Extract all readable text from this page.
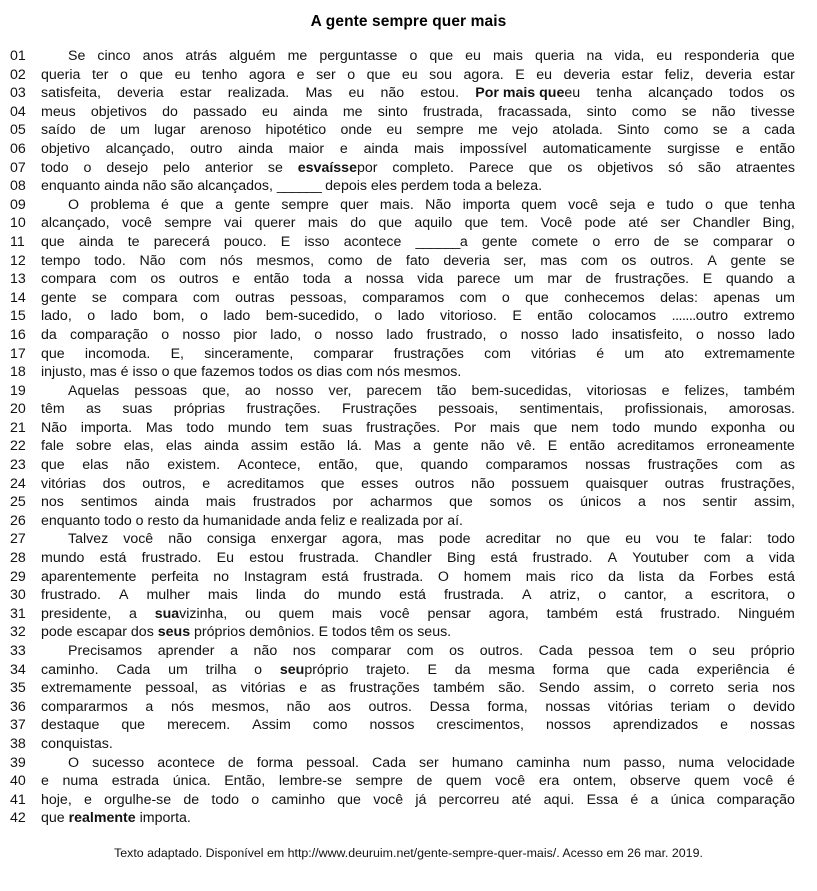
A gente sempre quer mais
01	Se cinco anos atrás alguém me perguntasse o que eu mais queria na vida, eu responderia que
02	queria ter o que eu tenho agora e ser o que eu sou agora. E eu deveria estar feliz, deveria estar
03	satisfeita, deveria estar realizada. Mas eu não estou. Por mais queeu tenha alcançado todos os
04	meus objetivos do passado eu ainda me sinto frustrada, fracassada, sinto como se não tivesse
05	saído de um lugar arenoso hipotético onde eu sempre me vejo atolada. Sinto como se a cada
06	objetivo alcançado, outro ainda maior e ainda mais impossível automaticamente surgisse e então
07	todo o desejo pelo anterior se esvaíssepor completo. Parece que os objetivos só são atraentes
08	enquanto ainda não são alcançados, ______ depois eles perdem toda a beleza.
09	O problema é que a gente sempre quer mais. Não importa quem você seja e tudo o que tenha
10	alcançado, você sempre vai querer mais do que aquilo que tem. Você pode até ser Chandler Bing,
11	que ainda te parecerá pouco. E isso acontece ______a gente comete o erro de se comparar o
12	tempo todo. Não com nós mesmos, como de fato deveria ser, mas com os outros. A gente se
13	compara com os outros e então toda a nossa vida parece um mar de frustrações. E quando a
14	gente se compara com outras pessoas, comparamos com o que conhecemos delas: apenas um
15	lado, o lado bom, o lado bem-sucedido, o lado vitorioso. E então colocamos .......outro extremo
16	da comparação o nosso pior lado, o nosso lado frustrado, o nosso lado insatisfeito, o nosso lado
17	que incomoda. E, sinceramente, comparar frustrações com vitórias é um ato extremamente
18	injusto, mas é isso o que fazemos todos os dias com nós mesmos.
19	Aquelas pessoas que, ao nosso ver, parecem tão bem-sucedidas, vitoriosas e felizes, também
20	têm as suas próprias frustrações. Frustrações pessoais, sentimentais, profissionais, amorosas.
21	Não importa. Mas todo mundo tem suas frustrações. Por mais que nem todo mundo exponha ou
22	fale sobre elas, elas ainda assim estão lá. Mas a gente não vê. E então acreditamos erroneamente
23	que elas não existem. Acontece, então, que, quando comparamos nossas frustrações com as
24	vitórias dos outros, e acreditamos que esses outros não possuem quaisquer outras frustrações,
25	nos sentimos ainda mais frustrados por acharmos que somos os únicos a nos sentir assim,
26	enquanto todo o resto da humanidade anda feliz e realizada por aí.
27	Talvez você não consiga enxergar agora, mas pode acreditar no que eu vou te falar: todo
28	mundo está frustrado. Eu estou frustrada. Chandler Bing está frustrado. A Youtuber com a vida
29	aparentemente perfeita no Instagram está frustrada. O homem mais rico da lista da Forbes está
30	frustrado. A mulher mais linda do mundo está frustrada. A atriz, o cantor, a escritora, o
31	presidente, a suavizinha, ou quem mais você pensar agora, também está frustrado. Ninguém
32	pode escapar dos seus próprios demônios. E todos têm os seus.
33	Precisamos aprender a não nos comparar com os outros. Cada pessoa tem o seu próprio
34	caminho. Cada um trilha o seupróprio trajeto. E da mesma forma que cada experiência é
35	extremamente pessoal, as vitórias e as frustrações também são. Sendo assim, o correto seria nos
36	compararmos a nós mesmos, não aos outros. Dessa forma, nossas vitórias teriam o devido
37	destaque que merecem. Assim como nossos crescimentos, nossos aprendizados e nossas
38	conquistas.
39	O sucesso acontece de forma pessoal. Cada ser humano caminha num passo, numa velocidade
40	e numa estrada única. Então, lembre-se sempre de quem você era ontem, observe quem você é
41	hoje, e orgulhe-se de todo o caminho que você já percorreu até aqui. Essa é a única comparação
42	que realmente importa.
Texto adaptado. Disponível em http://www.deuruim.net/gente-sempre-quer-mais/. Acesso em 26 mar. 2019.
